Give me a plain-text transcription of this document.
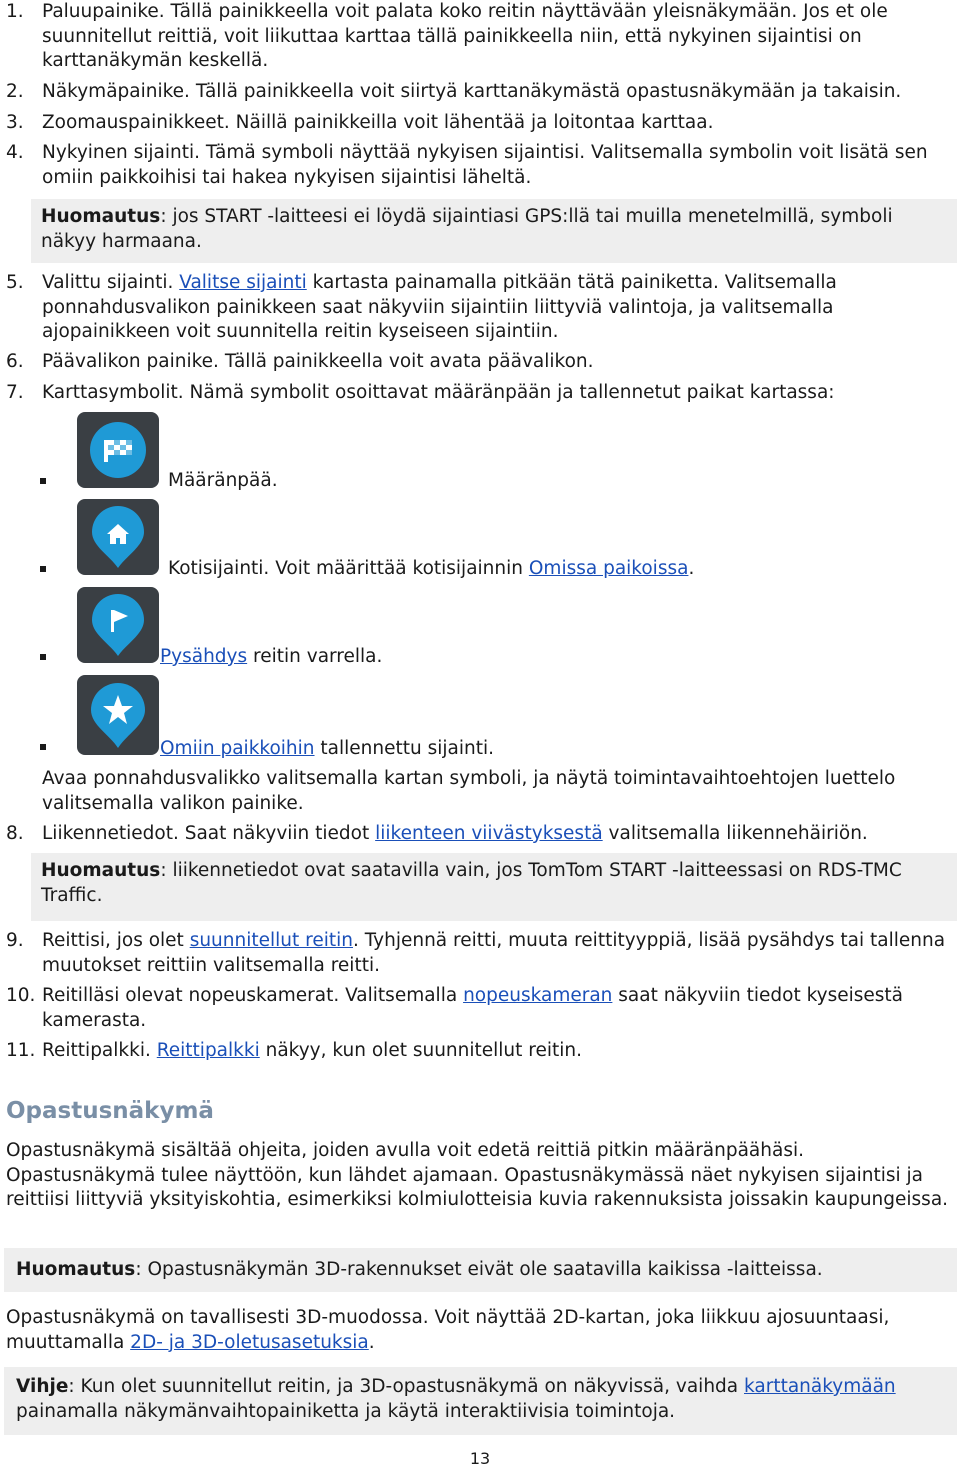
1. Paluupainike. Tällä painikkeella voit palata koko reitin näyttävään yleisnäkymään. Jos et ole suunnitellut reittiä, voit liikuttaa karttaa tällä painikkeella niin, että nykyinen sijaintisi on karttanäkymän keskellä.
2. Näkymäpainike. Tällä painikkeella voit siirtyä karttanäkymästä opastusnäkymään ja takaisin.
3. Zoomauspainikkeet. Näillä painikkeilla voit lähentää ja loitontaa karttaa.
4. Nykyinen sijainti. Tämä symboli näyttää nykyisen sijaintisi. Valitsemalla symbolin voit lisätä sen omiin paikkoihisi tai hakea nykyisen sijaintisi läheltä.
Huomautus: jos START -laitteesi ei löydä sijaintiasi GPS:llä tai muilla menetelmillä, symboli näkyy harmaana.
5. Valittu sijainti. Valitse sijainti kartasta painamalla pitkään tätä painiketta. Valitsemalla ponnahdusvalikon painikkeen saat näkyviin sijaintiin liittyviä valintoja, ja valitsemalla ajopainikkeen voit suunnitella reitin kyseiseen sijaintiin.
6. Päävalikon painike. Tällä painikkeella voit avata päävalikon.
7. Karttasymbolit. Nämä symbolit osoittavat määränpään ja tallennetut paikat kartassa:
Määränpää.
Kotisijainti. Voit määrittää kotisijainnin Omissa paikoissa.
Pysähdys reitin varrella.
Omiin paikkoihin tallennettu sijainti.
Avaa ponnahdusvalikko valitsemalla kartan symboli, ja näytä toimintavaihtoehtojen luettelo valitsemalla valikon painike.
8. Liikennetiedot. Saat näkyviin tiedot liikenteen viivästyksestä valitsemalla liikennehäiriön.
Huomautus: liikennetiedot ovat saatavilla vain, jos TomTom START -laitteessasi on RDS-TMC Traffic.
9. Reittisi, jos olet suunnitellut reitin. Tyhjennä reitti, muuta reittityyppiä, lisää pysähdys tai tallenna muutokset reittiin valitsemalla reitti.
10. Reitilläsi olevat nopeuskamerat. Valitsemalla nopeuskameran saat näkyviin tiedot kyseisestä kamerasta.
11. Reittipalkki. Reittipalkki näkyy, kun olet suunnitellut reitin.
Opastusnäkymä
Opastusnäkymä sisältää ohjeita, joiden avulla voit edetä reittiä pitkin määränpäähäsi. Opastusnäkymä tulee näyttöön, kun lähdet ajamaan. Opastusnäkymässä näet nykyisen sijaintisi ja reittiisi liittyviä yksityiskohtia, esimerkiksi kolmiulotteisia kuvia rakennuksista joissakin kaupungeissa.
Huomautus: Opastusnäkymän 3D-rakennukset eivät ole saatavilla kaikissa -laitteissa.
Opastusnäkymä on tavallisesti 3D-muodossa. Voit näyttää 2D-kartan, joka liikkuu ajosuuntaasi, muuttamalla 2D- ja 3D-oletusasetuksia.
Vihje: Kun olet suunnitellut reitin, ja 3D-opastusnäkymä on näkyvissä, vaihda karttanäkymään painamalla näkymänvaihtopainiketta ja käytä interaktiivisia toimintoja.
13
